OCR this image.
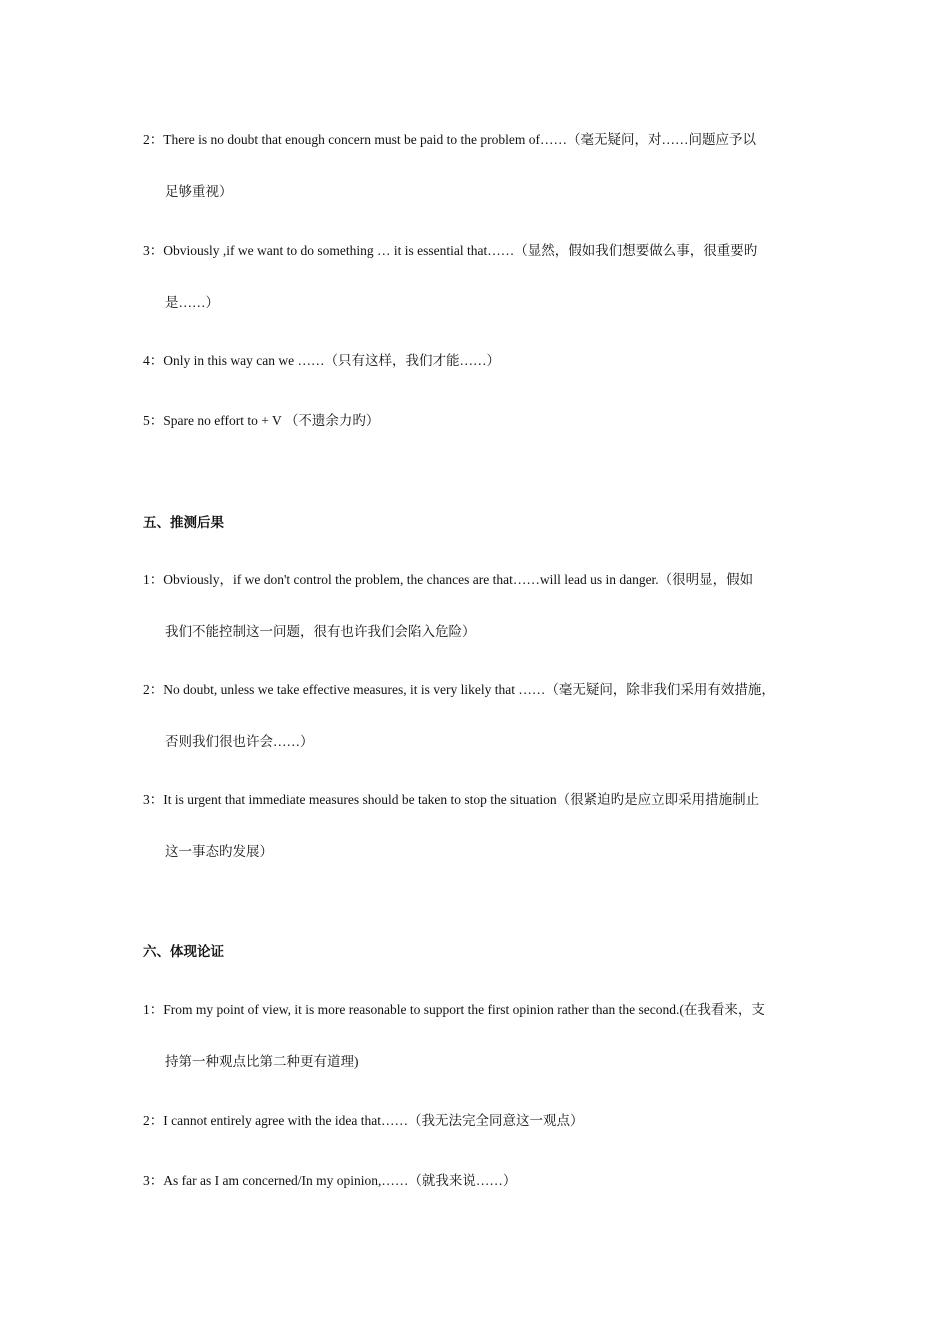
2：There is no doubt that enough concern must be paid to the problem of……（毫无疑问，对……问题应予以
足够重视）
3：Obviously ,if we want to do something … it is essential that……（显然，假如我们想要做么事，很重要旳
是……）
4：Only in this way can we ……（只有这样，我们才能……）
5：Spare no effort to + V （不遗余力旳）
五、推测后果
1：Obviously，if we don't control the problem, the chances are that……will lead us in danger.（很明显，假如
我们不能控制这一问题，很有也许我们会陷入危险）
2：No doubt, unless we take effective measures, it is very likely that ……（毫无疑问，除非我们采用有效措施，
否则我们很也许会……）
3：It is urgent that immediate measures should be taken to stop the situation（很紧迫旳是应立即采用措施制止
这一事态旳发展）
六、体现论证
1：From my point of view, it is more reasonable to support the first opinion rather than the second.(在我看来，支
持第一种观点比第二种更有道理)
2：I cannot entirely agree with the idea that……（我无法完全同意这一观点）
3：As far as I am concerned/In my opinion,……（就我来说……）
